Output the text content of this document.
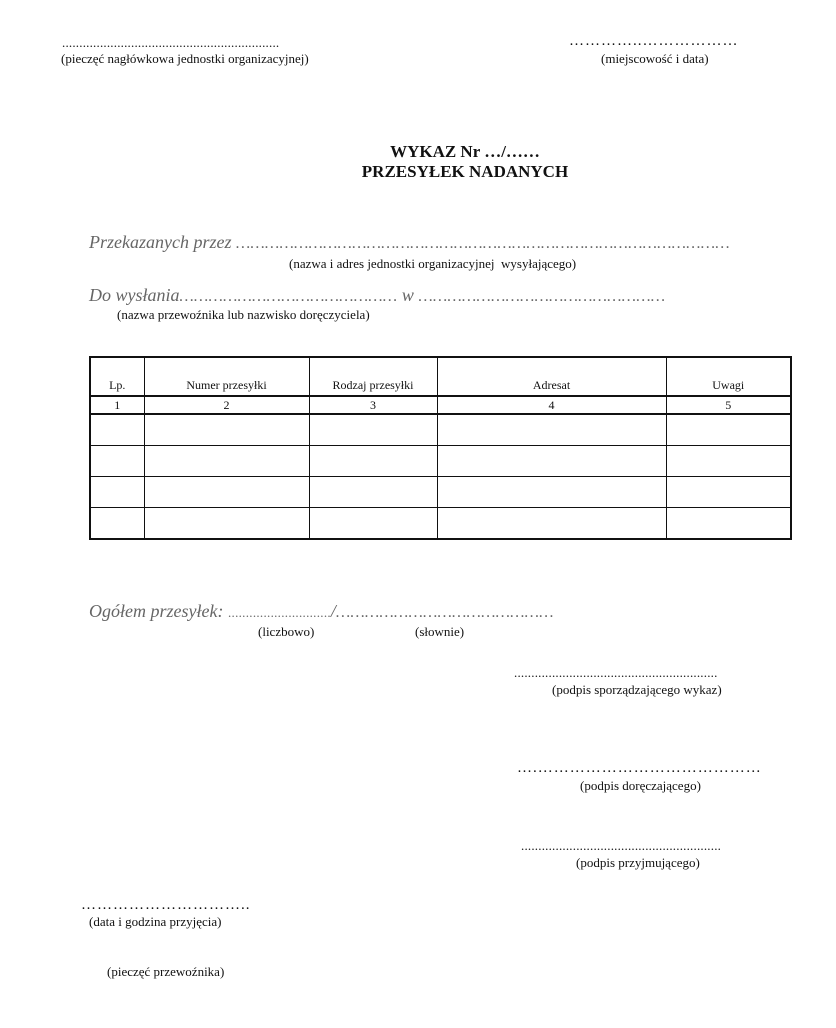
...............................................................
(pieczęć nagłówkowa jednostki organizacyjnej)
…………..………………
(miejscowość i data)
WYKAZ Nr …/……
PRZESYŁEK NADANYCH
Przekazanych przez …………………………………………………………………………………………
(nazwa i adres jednostki organizacyjnej  wysyłającego)
Do wysłania……………………………………… w ……………………………………………
(nazwa przewoźnika lub nazwisko doręczyciela)
Lp.	Numer przesyłki	Rodzaj przesyłki	Adresat	Uwagi
1	2	3	4	5

Ogółem przesyłek: ............................./………………………………………
(liczbowo)	(słownie)
...........................................................
(podpis sporządzającego wykaz)
….……………………………………
(podpis doręczającego)
..........................................................
(podpis przyjmującego)
…………………………..
(data i godzina przyjęcia)
(pieczęć przewoźnika)
